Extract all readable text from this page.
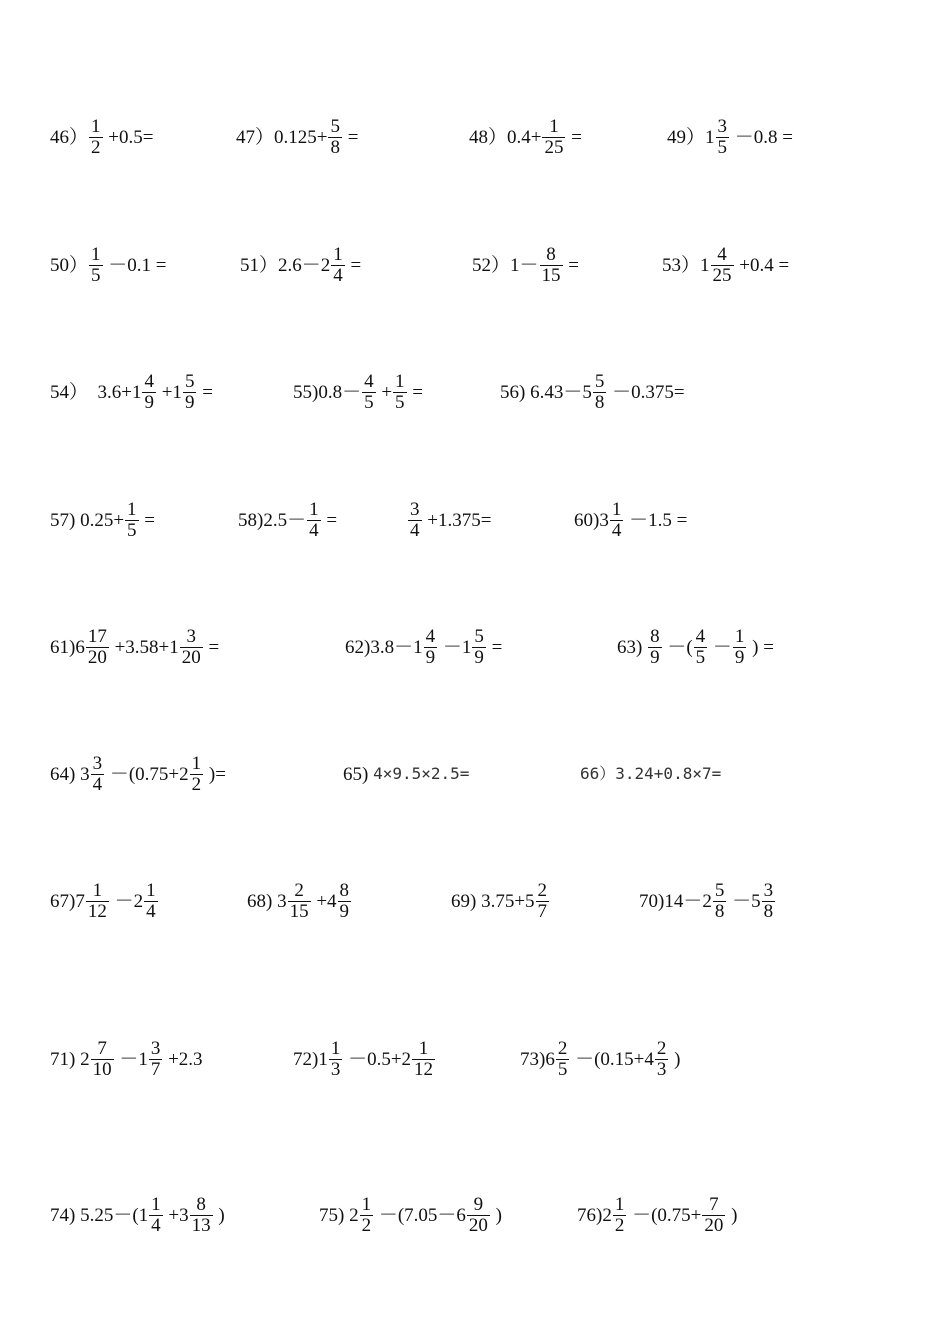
$46) \frac{1}{2} +0.5=$	$47)0.125+ \frac{5}{8}$ =	$48)0.4+ \frac{1}{25}$ =	$49)1 \frac{3}{5} -0.8$ =
$50) \frac{1}{5} -0.1$ =	$51)2.6-2 \frac{1}{4}$ =	$52)1- \frac{8}{15}$ =	$53)1 \frac{4}{25} +0.4$ =
54）  $3.6+1 \frac{4}{9} +1 \frac{5}{9}$ =	$55)0.8- \frac{4}{5} + \frac{1}{5}$ =	56) $6.43-5 \frac{5}{8} -0.375=$
57) $0.25+ \frac{1}{5}$ =	$58)2.5- \frac{1}{4}$ =	$\frac{3}{4} +1.375=$	$60)3 \frac{1}{4} -1.5$ =
$61)6 \frac{17}{20} +3.58+1 \frac{3}{20}$ =	$62)3.8-1 \frac{4}{9} -1 \frac{5}{9}$ =	$63) \frac{8}{9}$ －( $\frac{4}{5} - \frac{1}{9}$ ) =
64) $3 \frac{3}{4} -(0.75+2 \frac{1}{2}$ )=	65) 4×9.5×2.5=	66）3.24+0.8×7=
$67)7 \frac{1}{12} -2 \frac{1}{4}$	68) $3 \frac{2}{15} +4 \frac{8}{9}$	69) $3.75+5 \frac{2}{7}$	$70)14-2 \frac{5}{8} -5 \frac{3}{8}$
71) $2 \frac{7}{10} -1 \frac{3}{7} +2.3$	$72)1 \frac{1}{3} -0.5+2 \frac{1}{12}$	$73)6 \frac{2}{5} -(0.15+4 \frac{2}{3}$ )
74) $5.25-(1 \frac{1}{4} +3 \frac{8}{13}$ )	75) $2 \frac{1}{2} -(7.05-6 \frac{9}{20}$ )	$76)2 \frac{1}{2} -(0.75+ \frac{7}{20}$ )
